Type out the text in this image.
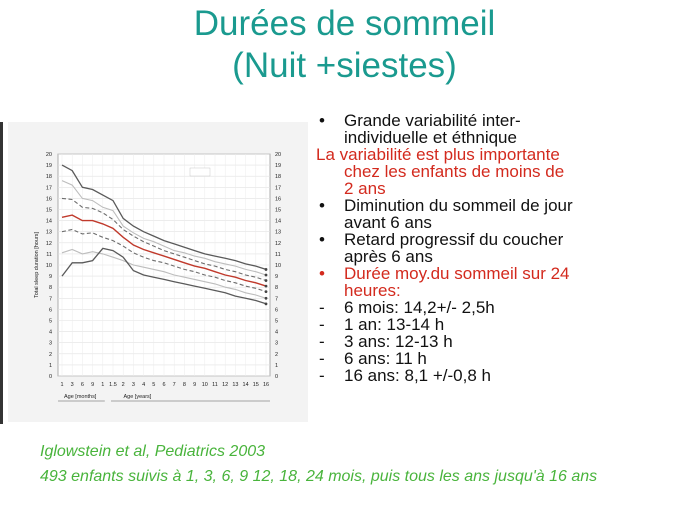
Durées de sommeil
(Nuit +siestes)
0	0
1	1
2	2
3	3
4	4
5	5
6	6
7	7
8	8
9	9
10	10
11	11
12	12
13	13
14	14
15	15
16	16
17	17
18	18
19	19
20	20
1 3 6 9 1 1.5 2 3 4 5 6 7 8 9 10 11 12 13 14 15 16
Total sleep duration [hours]
Age [months]	Age [years]
• Grande variabilité inter-
individuelle et éthnique
La variabilité est plus importante
chez les enfants de moins de
2 ans
• Diminution du sommeil de jour
avant 6 ans
• Retard progressif du coucher
après 6 ans
• Durée moy.du sommeil sur 24
heures:
- 6 mois: 14,2+/- 2,5h
- 1 an: 13-14 h
- 3 ans: 12-13 h
- 6 ans: 11 h
- 16 ans: 8,1 +/-0,8 h

Iglowstein et al, Pediatrics 2003

493 enfants suivis à 1, 3, 6, 9 12, 18, 24 mois, puis tous les ans jusqu'à 16 ans
